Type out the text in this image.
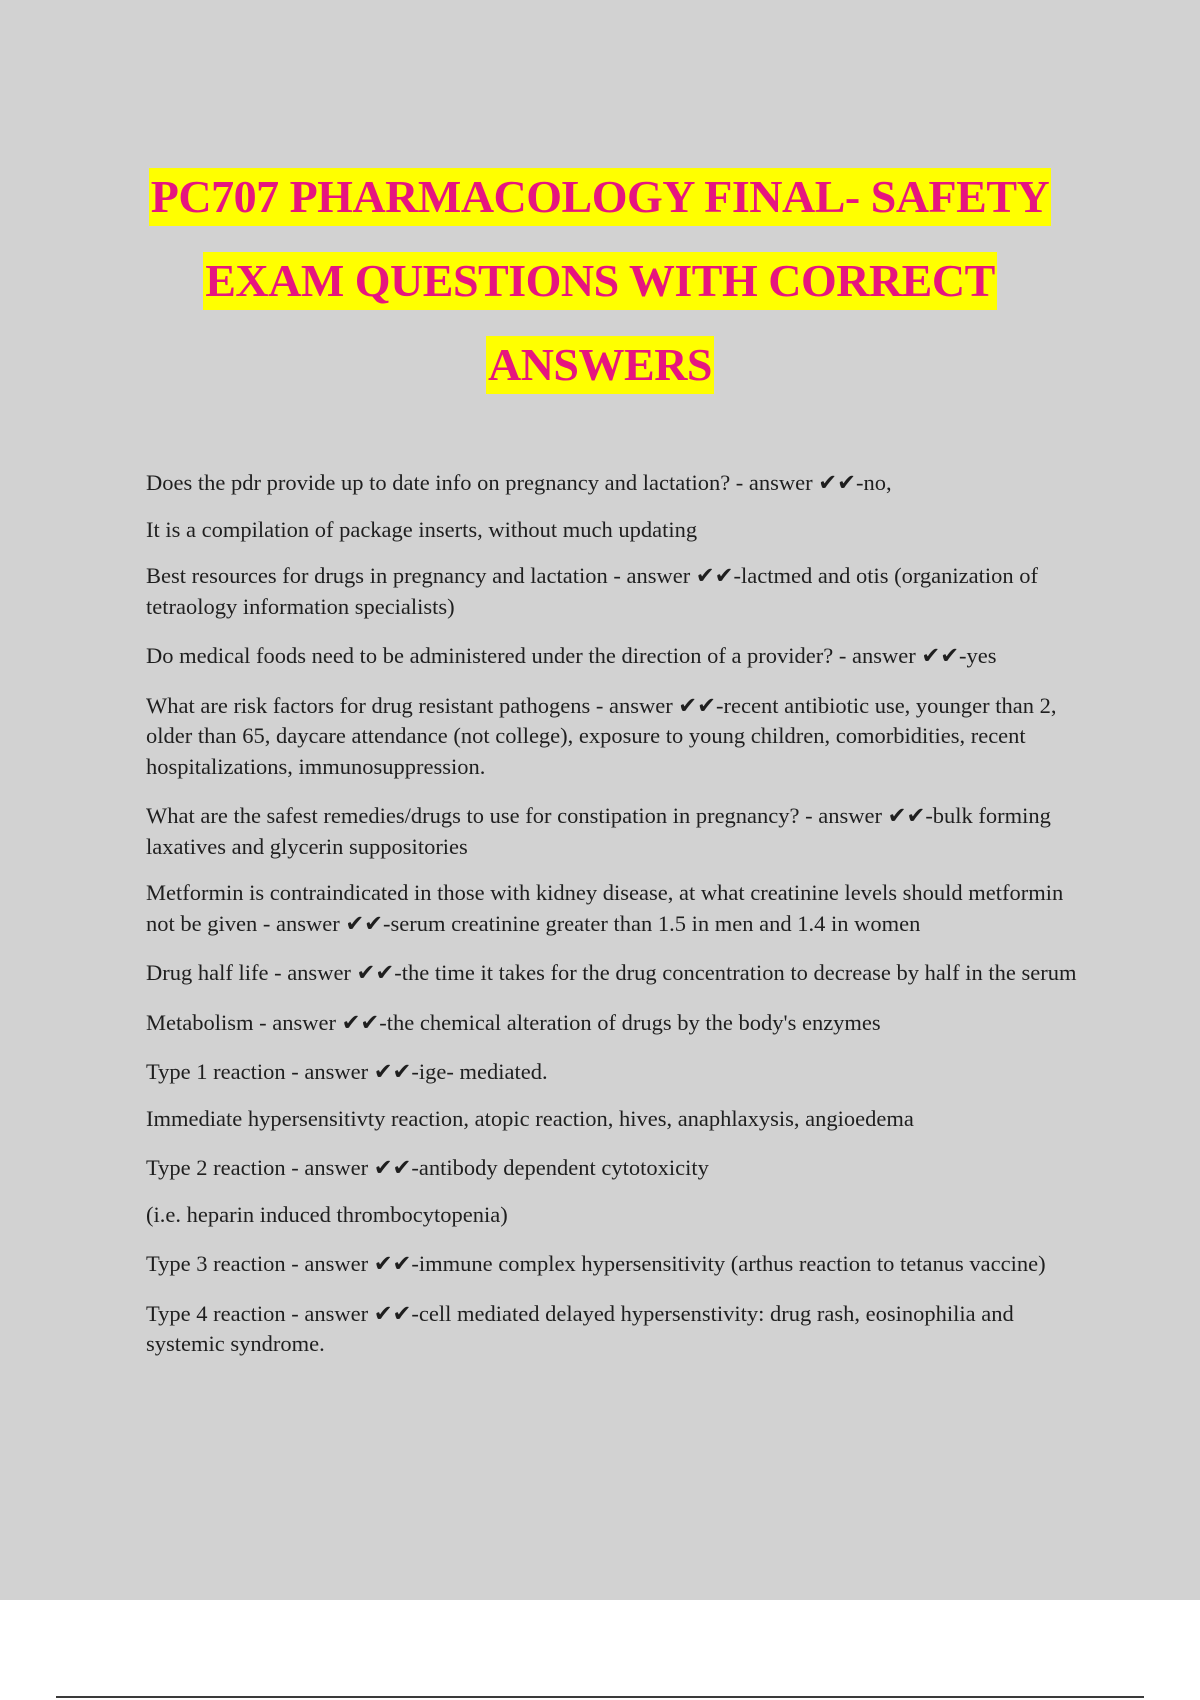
PC707 PHARMACOLOGY FINAL- SAFETY
EXAM QUESTIONS WITH CORRECT
ANSWERS

Does the pdr provide up to date info on pregnancy and lactation? - answer ✔✔-no,

It is a compilation of package inserts, without much updating

Best resources for drugs in pregnancy and lactation - answer ✔✔-lactmed and otis (organization of tetraology information specialists)

Do medical foods need to be administered under the direction of a provider? - answer ✔✔-yes

What are risk factors for drug resistant pathogens - answer ✔✔-recent antibiotic use, younger than 2, older than 65, daycare attendance (not college), exposure to young children, comorbidities, recent hospitalizations, immunosuppression.

What are the safest remedies/drugs to use for constipation in pregnancy? - answer ✔✔-bulk forming laxatives and glycerin suppositories

Metformin is contraindicated in those with kidney disease, at what creatinine levels should metformin not be given - answer ✔✔-serum creatinine greater than 1.5 in men and 1.4 in women

Drug half life - answer ✔✔-the time it takes for the drug concentration to decrease by half in the serum

Metabolism - answer ✔✔-the chemical alteration of drugs by the body's enzymes

Type 1 reaction - answer ✔✔-ige- mediated.

Immediate hypersensitivty reaction, atopic reaction, hives, anaphlaxysis, angioedema

Type 2 reaction - answer ✔✔-antibody dependent cytotoxicity

(i.e. heparin induced thrombocytopenia)

Type 3 reaction - answer ✔✔-immune complex hypersensitivity (arthus reaction to tetanus vaccine)

Type 4 reaction - answer ✔✔-cell mediated delayed hypersenstivity: drug rash, eosinophilia and systemic syndrome.
